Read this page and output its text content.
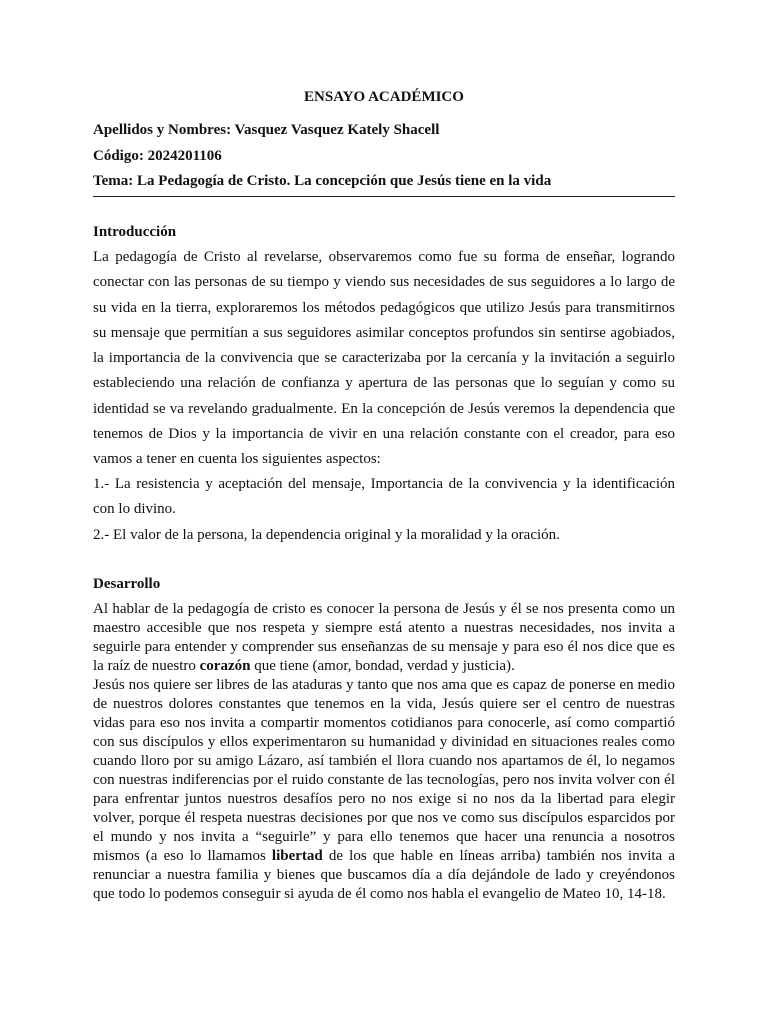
ENSAYO ACADÉMICO
Apellidos y Nombres: Vasquez Vasquez Kately Shacell
Código: 2024201106
Tema: La Pedagogía de Cristo. La concepción que Jesús tiene en la vida
Introducción

La pedagogía de Cristo al revelarse, observaremos como fue su forma de enseñar, logrando conectar con las personas de su tiempo y viendo sus necesidades de sus seguidores a lo largo de su vida en la tierra, exploraremos los métodos pedagógicos que utilizo Jesús para transmitirnos su mensaje que permitían a sus seguidores asimilar conceptos profundos sin sentirse agobiados, la importancia de la convivencia que se caracterizaba por la cercanía y la invitación a seguirlo estableciendo una relación de confianza y apertura de las personas que lo seguían y como su identidad se va revelando gradualmente. En la concepción de Jesús veremos la dependencia que tenemos de Dios y la importancia de vivir en una relación constante con el creador, para eso vamos a tener en cuenta los siguientes aspectos:

1.- La resistencia y aceptación del mensaje, Importancia de la convivencia y la identificación con lo divino.

2.- El valor de la persona, la dependencia original y la moralidad y la oración.

Desarrollo

Al hablar de la pedagogía de cristo es conocer la persona de Jesús y él se nos presenta como un maestro accesible que nos respeta y siempre está atento a nuestras necesidades, nos invita a seguirle para entender y comprender sus enseñanzas de su mensaje y para eso él nos dice que es la raíz de nuestro corazón que tiene (amor, bondad, verdad y justicia).

Jesús nos quiere ser libres de las ataduras y tanto que nos ama que es capaz de ponerse en medio de nuestros dolores constantes que tenemos en la vida, Jesús quiere ser el centro de nuestras vidas para eso nos invita a compartir momentos cotidianos para conocerle, así como compartió con sus discípulos y ellos experimentaron su humanidad y divinidad en situaciones reales como cuando lloro por su amigo Lázaro, así también el llora cuando nos apartamos de él, lo negamos con nuestras indiferencias por el ruido constante de las tecnologías, pero nos invita volver con él para enfrentar juntos nuestros desafíos pero no nos exige si no nos da la libertad para elegir volver, porque él respeta nuestras decisiones por que nos ve como sus discípulos esparcidos por el mundo y nos invita a “seguirle” y para ello tenemos que hacer una renuncia a nosotros mismos (a eso lo llamamos libertad de los que hable en líneas arriba) también nos invita a renunciar a nuestra familia y bienes que buscamos día a día dejándole de lado y creyéndonos que todo lo podemos conseguir si ayuda de él como nos habla el evangelio de Mateo 10, 14-18.
